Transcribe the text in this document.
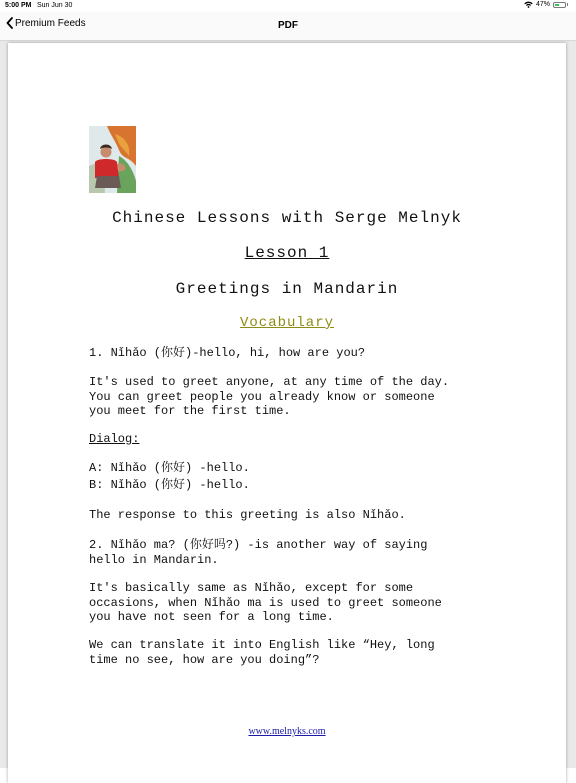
5:00 PM Sun Jun 30	47%
Premium Feeds	PDF
Chinese Lessons with Serge Melnyk
Lesson 1
Greetings in Mandarin
Vocabulary
1. Nǐhǎo (你好)-hello, hi, how are you?
It's used to greet anyone, at any time of the day.
You can greet people you already know or someone
you meet for the first time.
Dialog:
A: Nǐhǎo (你好) -hello.
B: Nǐhǎo (你好) -hello.
The response to this greeting is also Nǐhǎo.
2. Nǐhǎo ma? (你好吗?) -is another way of saying
hello in Mandarin.
It's basically same as Nǐhǎo, except for some
occasions, when Nǐhǎo ma is used to greet someone
you have not seen for a long time.
We can translate it into English like “Hey, long
time no see, how are you doing”?
www.melnyks.com
